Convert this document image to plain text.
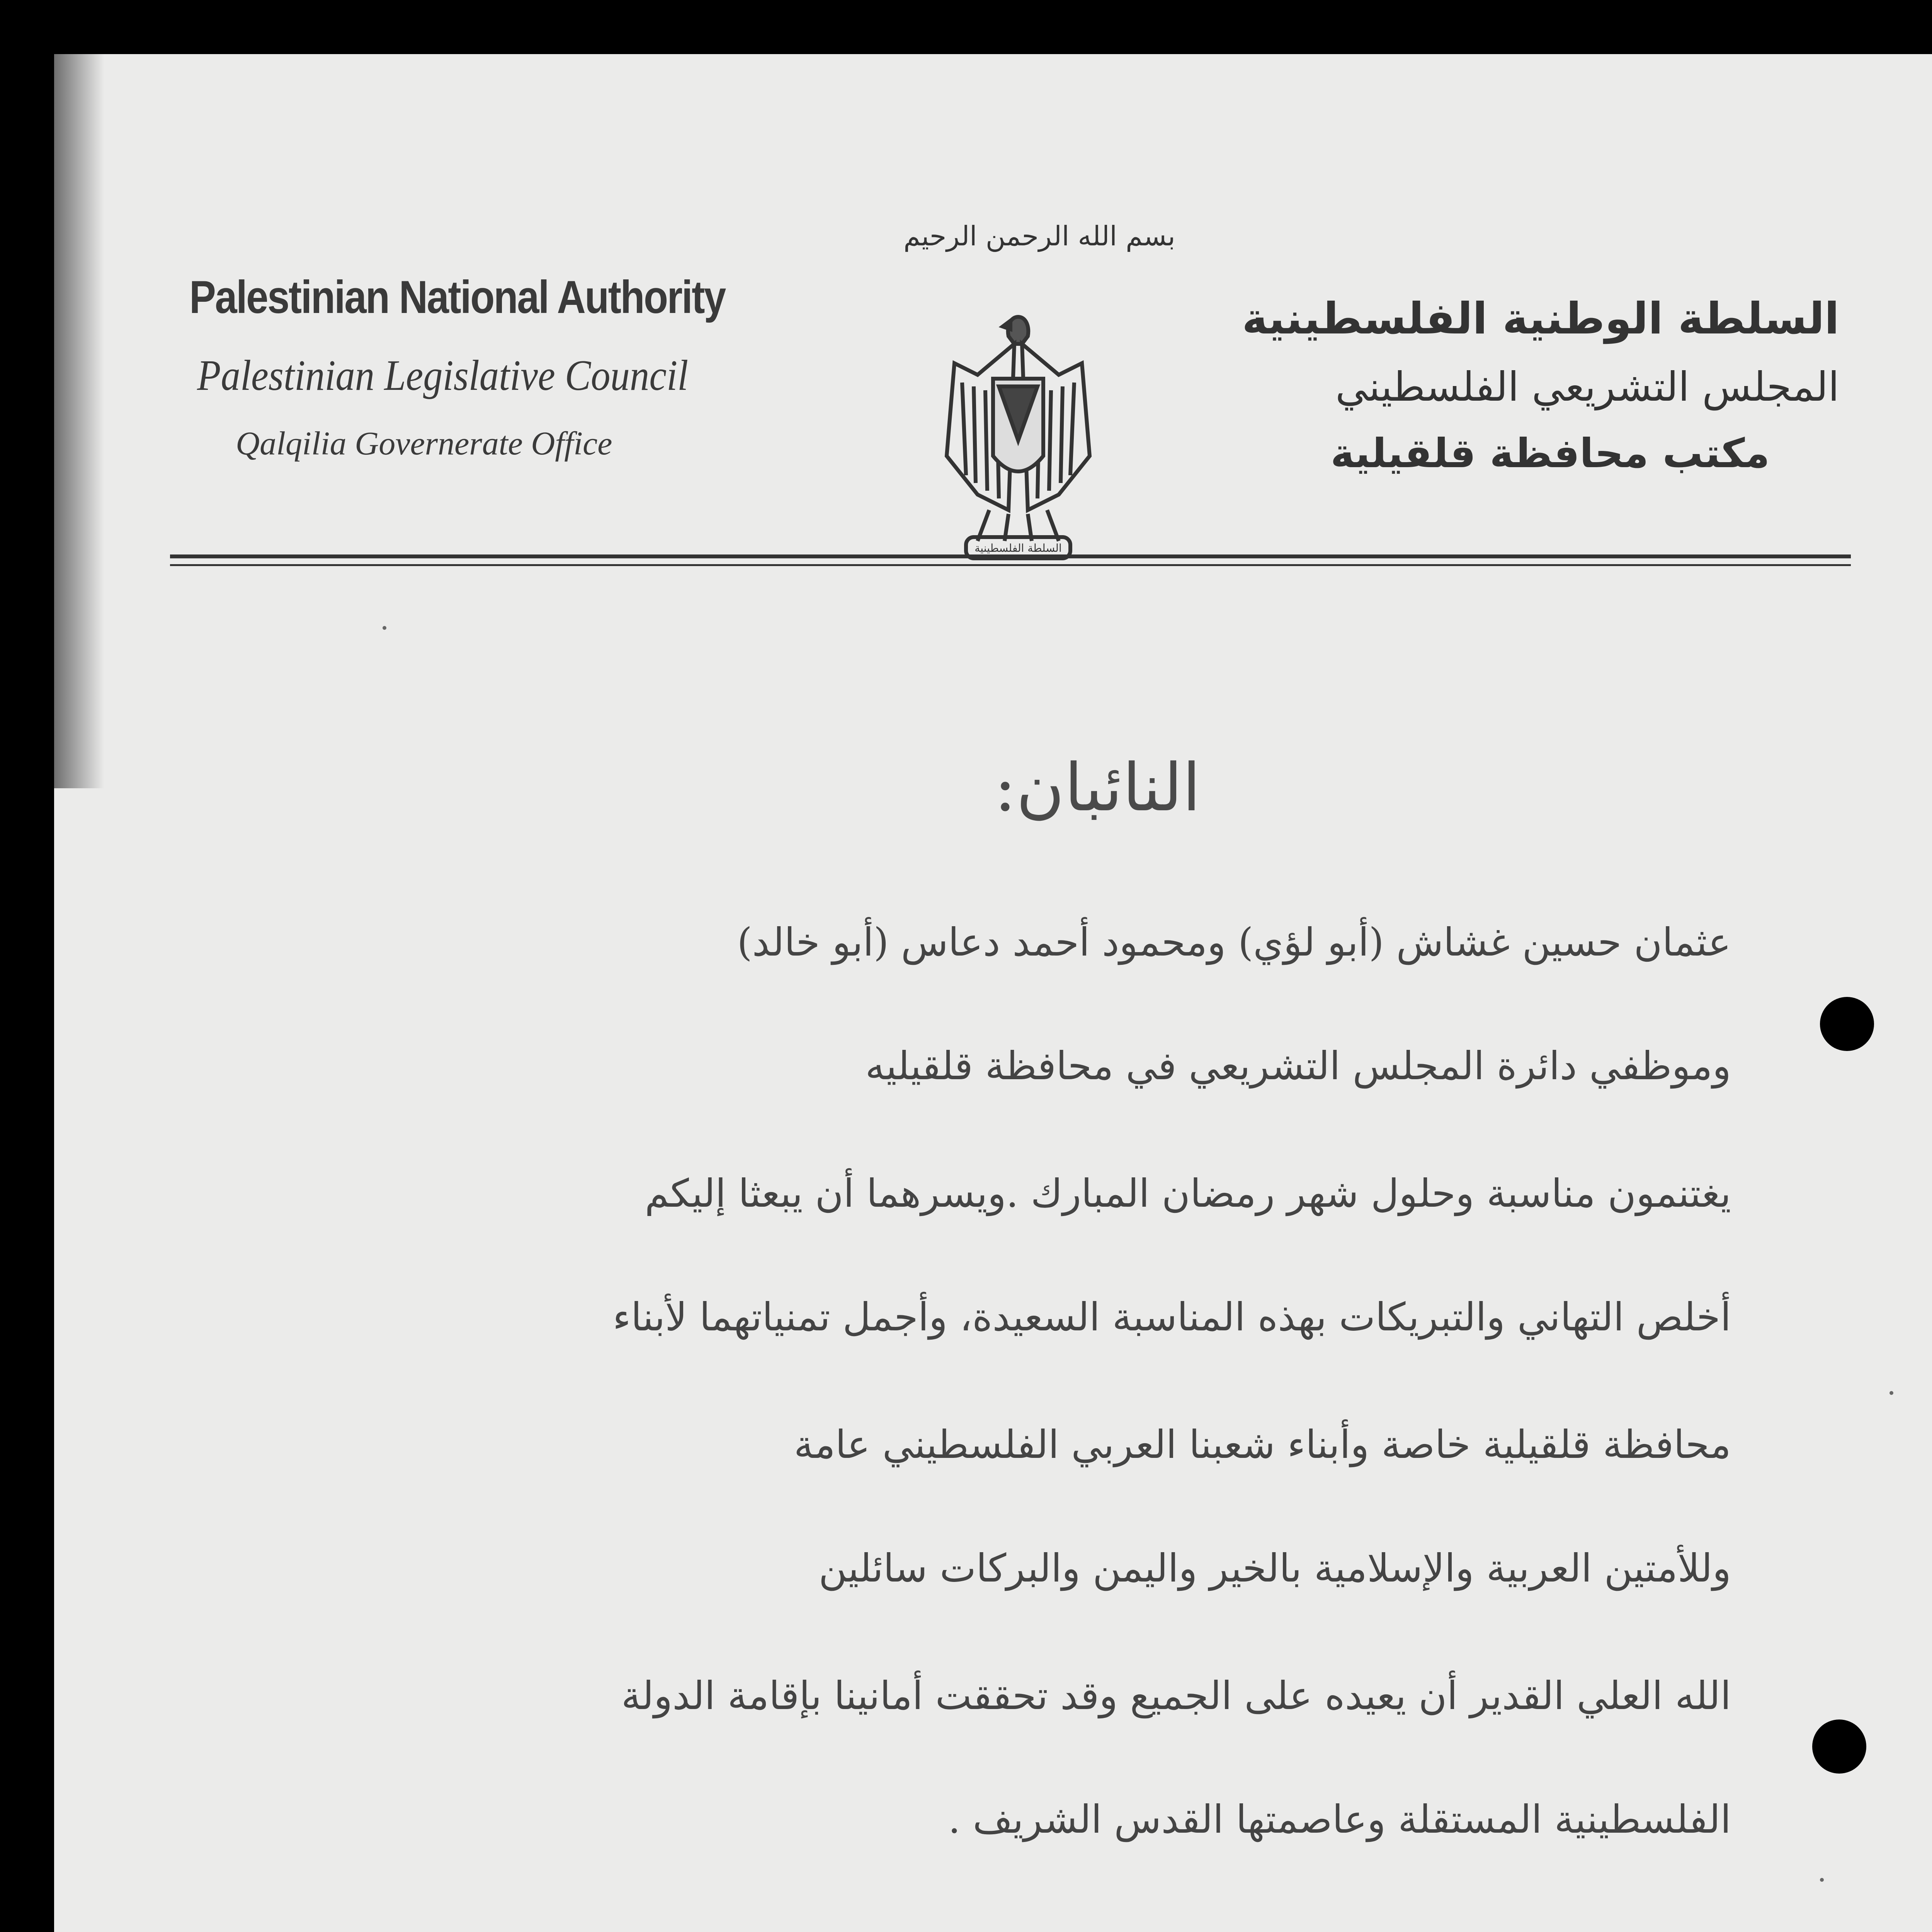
بسم الله الرحمن الرحيم
Palestinian National Authority
Palestinian Legislative Council
Qalqilia Governerate Office
السلطة الفلسطينية
السلطة الوطنية الفلسطينية
المجلس التشريعي الفلسطيني
مكتب محافظة قلقيلية
النائبان:
عثمان حسين غشاش (أبو لؤي) ومحمود أحمد دعاس (أبو خالد)
وموظفي دائرة المجلس التشريعي في محافظة قلقيليه
يغتنمون مناسبة وحلول شهر رمضان المبارك .ويسرهما أن يبعثا إليكم
أخلص التهاني والتبريكات بهذه المناسبة السعيدة، وأجمل تمنياتهما لأبناء
محافظة قلقيلية خاصة وأبناء شعبنا العربي الفلسطيني عامة
وللأمتين العربية والإسلامية بالخير واليمن والبركات سائلين
الله العلي القدير أن يعيده على الجميع وقد تحققت أمانينا بإقامة الدولة
الفلسطينية المستقلة وعاصمتها القدس الشريف .
